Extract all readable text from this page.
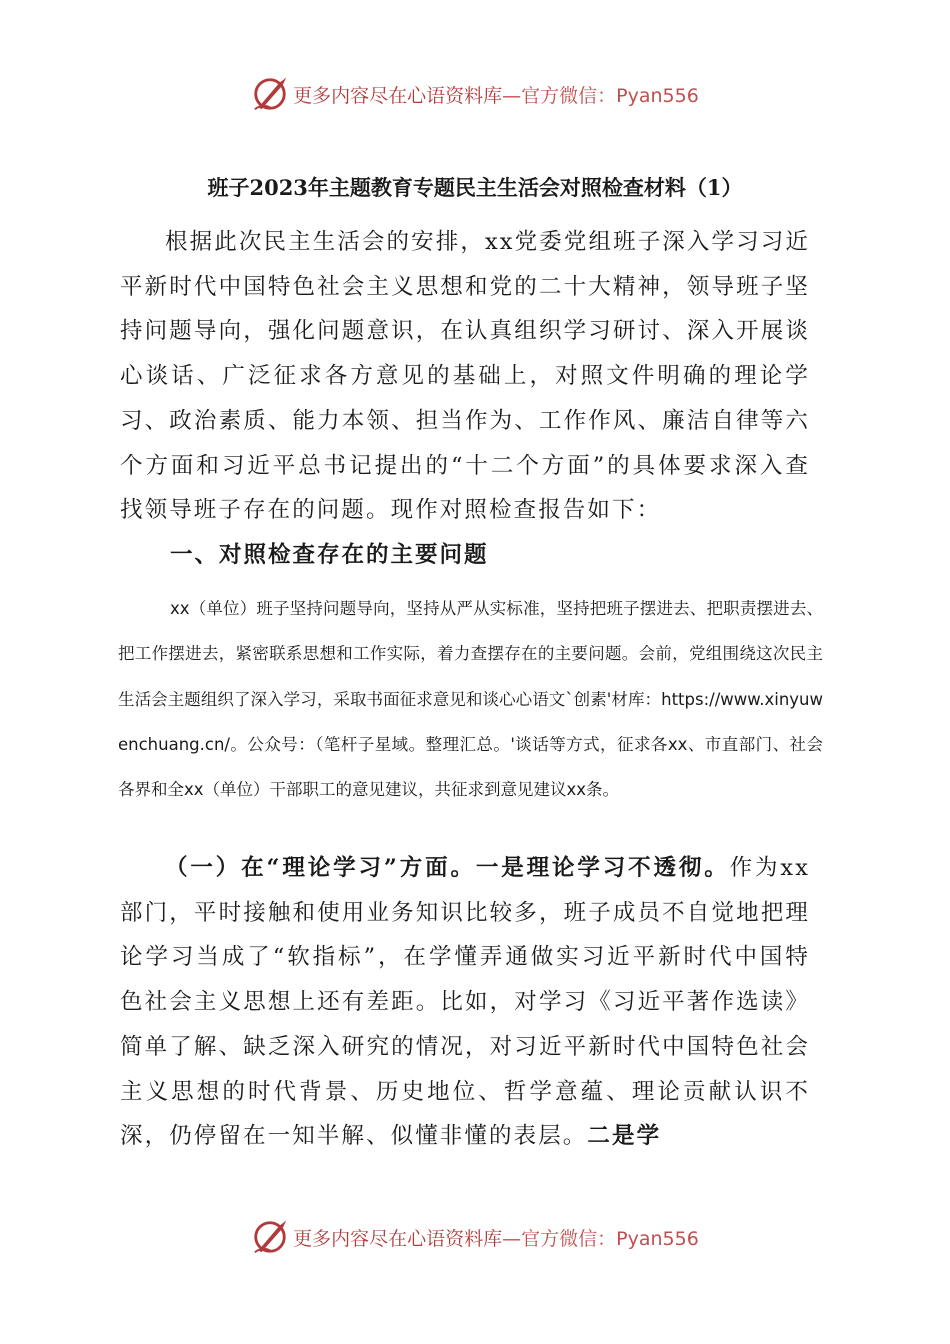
更多内容尽在心语资料库 —官方微信：Pyan556
班子2023年主题教育专题民主生活会对照检查材料（1）

根据此次民主生活会的安排，xx党委党组班子深入学习习近平新时代中国特色社会主义思想和党的二十大精神，领导班子坚持问题导向，强化问题意识，在认真组织学习研讨、深入开展谈心谈话、广泛征求各方意见的基础上，对照文件明确的理论学习、政治素质、能力本领、担当作为、工作作风、廉洁自律等六个方面和习近平总书记提出的“十二个方面”的具体要求深入查找领导班子存在的问题。现作对照检查报告如下：

一、对照检查存在的主要问题

xx（单位）班子坚持问题导向，坚持从严从实标准，坚持把班子摆进去、把职责摆进去、把工作摆进去，紧密联系思想和工作实际，着力查摆存在的主要问题。会前，党组围绕这次民主生活会主题组织了深入学习，采取书面征求意见和谈心心语文`创素'材库：https://www.xinyuwenchuang.cn/。公众号：（笔杆子星域。整理汇总。'谈话等方式，征求各xx、市直部门、社会各界和全xx（单位）干部职工的意见建议，共征求到意见建议xx条。

（一）在“理论学习”方面。一是理论学习不透彻。作为xx部门，平时接触和使用业务知识比较多，班子成员不自觉地把理论学习当成了“软指标”，在学懂弄通做实习近平新时代中国特色社会主义思想上还有差距。比如，对学习《习近平著作选读》简单了解、缺乏深入研究的情况，对习近平新时代中国特色社会主义思想的时代背景、历史地位、哲学意蕴、理论贡献认识不深，仍停留在一知半解、似懂非懂的表层。二是学

更多内容尽在心语资料库 —官方微信：Pyan556
